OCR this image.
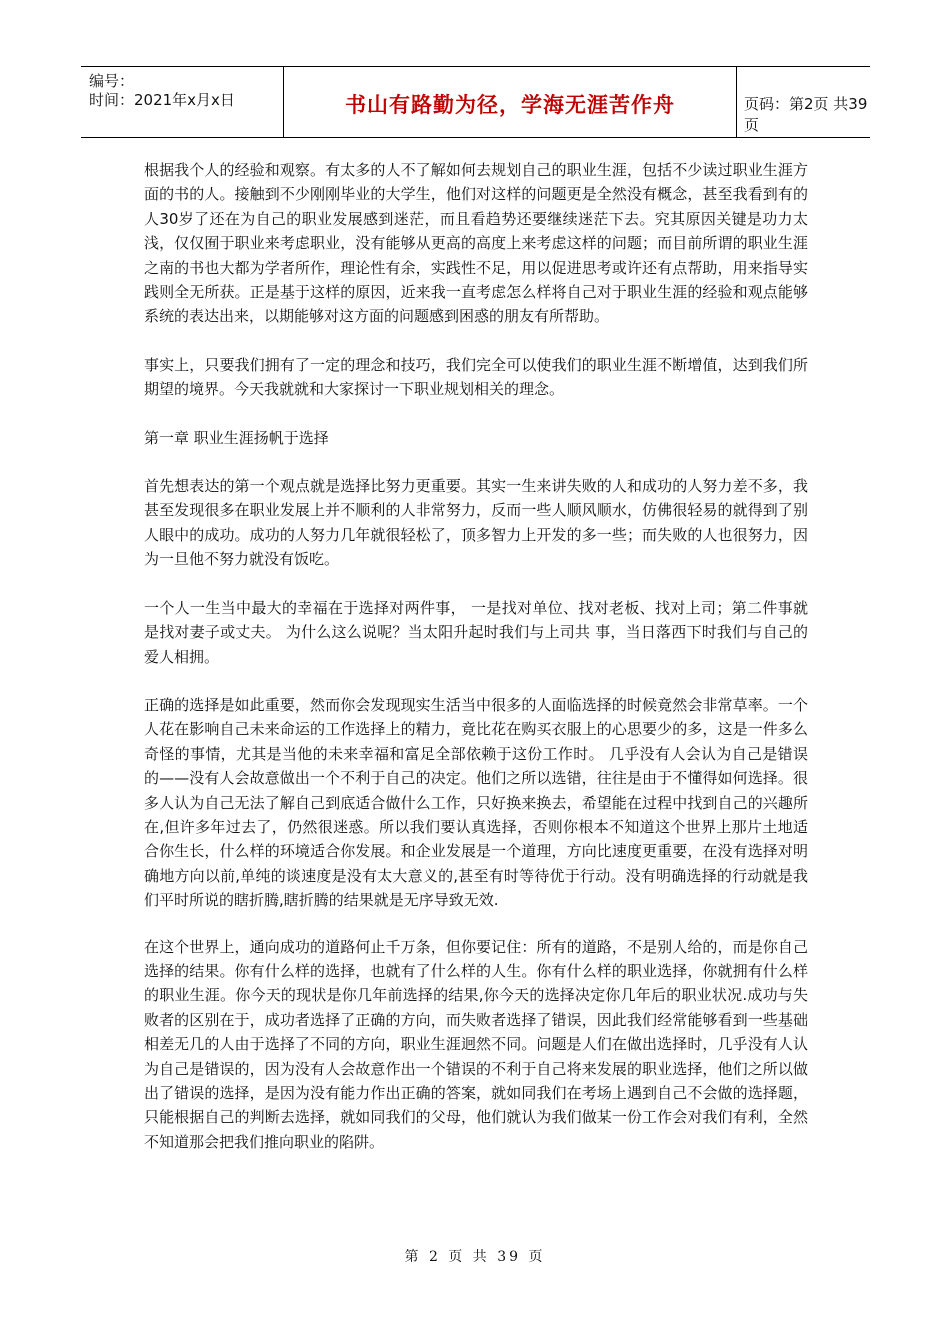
编号：
时间：2021年x月x日	书山有路勤为径，学海无涯苦作舟	页码：第2页 共39页

根据我个人的经验和观察。有太多的人不了解如何去规划自己的职业生涯，包括不少读过职业生涯方面的书的人。接触到不少刚刚毕业的大学生，他们对这样的问题更是全然没有概念，甚至我看到有的人30岁了还在为自己的职业发展感到迷茫，而且看趋势还要继续迷茫下去。究其原因关键是功力太浅，仅仅囿于职业来考虑职业，没有能够从更高的高度上来考虑这样的问题；而目前所谓的职业生涯之南的书也大都为学者所作，理论性有余，实践性不足，用以促进思考或许还有点帮助，用来指导实践则全无所获。正是基于这样的原因，近来我一直考虑怎么样将自己对于职业生涯的经验和观点能够系统的表达出来，以期能够对这方面的问题感到困惑的朋友有所帮助。

事实上，只要我们拥有了一定的理念和技巧，我们完全可以使我们的职业生涯不断增值，达到我们所期望的境界。今天我就就和大家探讨一下职业规划相关的理念。

第一章 职业生涯扬帆于选择

首先想表达的第一个观点就是选择比努力更重要。其实一生来讲失败的人和成功的人努力差不多，我甚至发现很多在职业发展上并不顺利的人非常努力，反而一些人顺风顺水，仿佛很轻易的就得到了别人眼中的成功。成功的人努力几年就很轻松了，顶多智力上开发的多一些；而失败的人也很努力，因为一旦他不努力就没有饭吃。

一个人一生当中最大的幸福在于选择对两件事， 一是找对单位、找对老板、找对上司；第二件事就是找对妻子或丈夫。 为什么这么说呢？当太阳升起时我们与上司共 事，当日落西下时我们与自己的爱人相拥。

正确的选择是如此重要，然而你会发现现实生活当中很多的人面临选择的时候竟然会非常草率。一个人花在影响自己未来命运的工作选择上的精力，竟比花在购买衣服上的心思要少的多，这是一件多么奇怪的事情，尤其是当他的未来幸福和富足全部依赖于这份工作时。 几乎没有人会认为自己是错误的——没有人会故意做出一个不利于自己的决定。他们之所以选错，往往是由于不懂得如何选择。很多人认为自己无法了解自己到底适合做什么工作，只好换来换去，希望能在过程中找到自己的兴趣所在,但许多年过去了，仍然很迷惑。所以我们要认真选择，否则你根本不知道这个世界上那片土地适合你生长，什么样的环境适合你发展。和企业发展是一个道理，方向比速度更重要，在没有选择对明确地方向以前,单纯的谈速度是没有太大意义的,甚至有时等待优于行动。没有明确选择的行动就是我们平时所说的瞎折腾,瞎折腾的结果就是无序导致无效.

在这个世界上，通向成功的道路何止千万条，但你要记住：所有的道路，不是别人给的，而是你自己选择的结果。你有什么样的选择，也就有了什么样的人生。你有什么样的职业选择，你就拥有什么样的职业生涯。你今天的现状是你几年前选择的结果,你今天的选择决定你几年后的职业状况.成功与失败者的区别在于，成功者选择了正确的方向，而失败者选择了错误，因此我们经常能够看到一些基础相差无几的人由于选择了不同的方向，职业生涯迥然不同。问题是人们在做出选择时，几乎没有人认为自己是错误的，因为没有人会故意作出一个错误的不利于自己将来发展的职业选择，他们之所以做出了错误的选择，是因为没有能力作出正确的答案，就如同我们在考场上遇到自己不会做的选择题，只能根据自己的判断去选择，就如同我们的父母，他们就认为我们做某一份工作会对我们有利，全然不知道那会把我们推向职业的陷阱。

第 2 页 共 39 页
